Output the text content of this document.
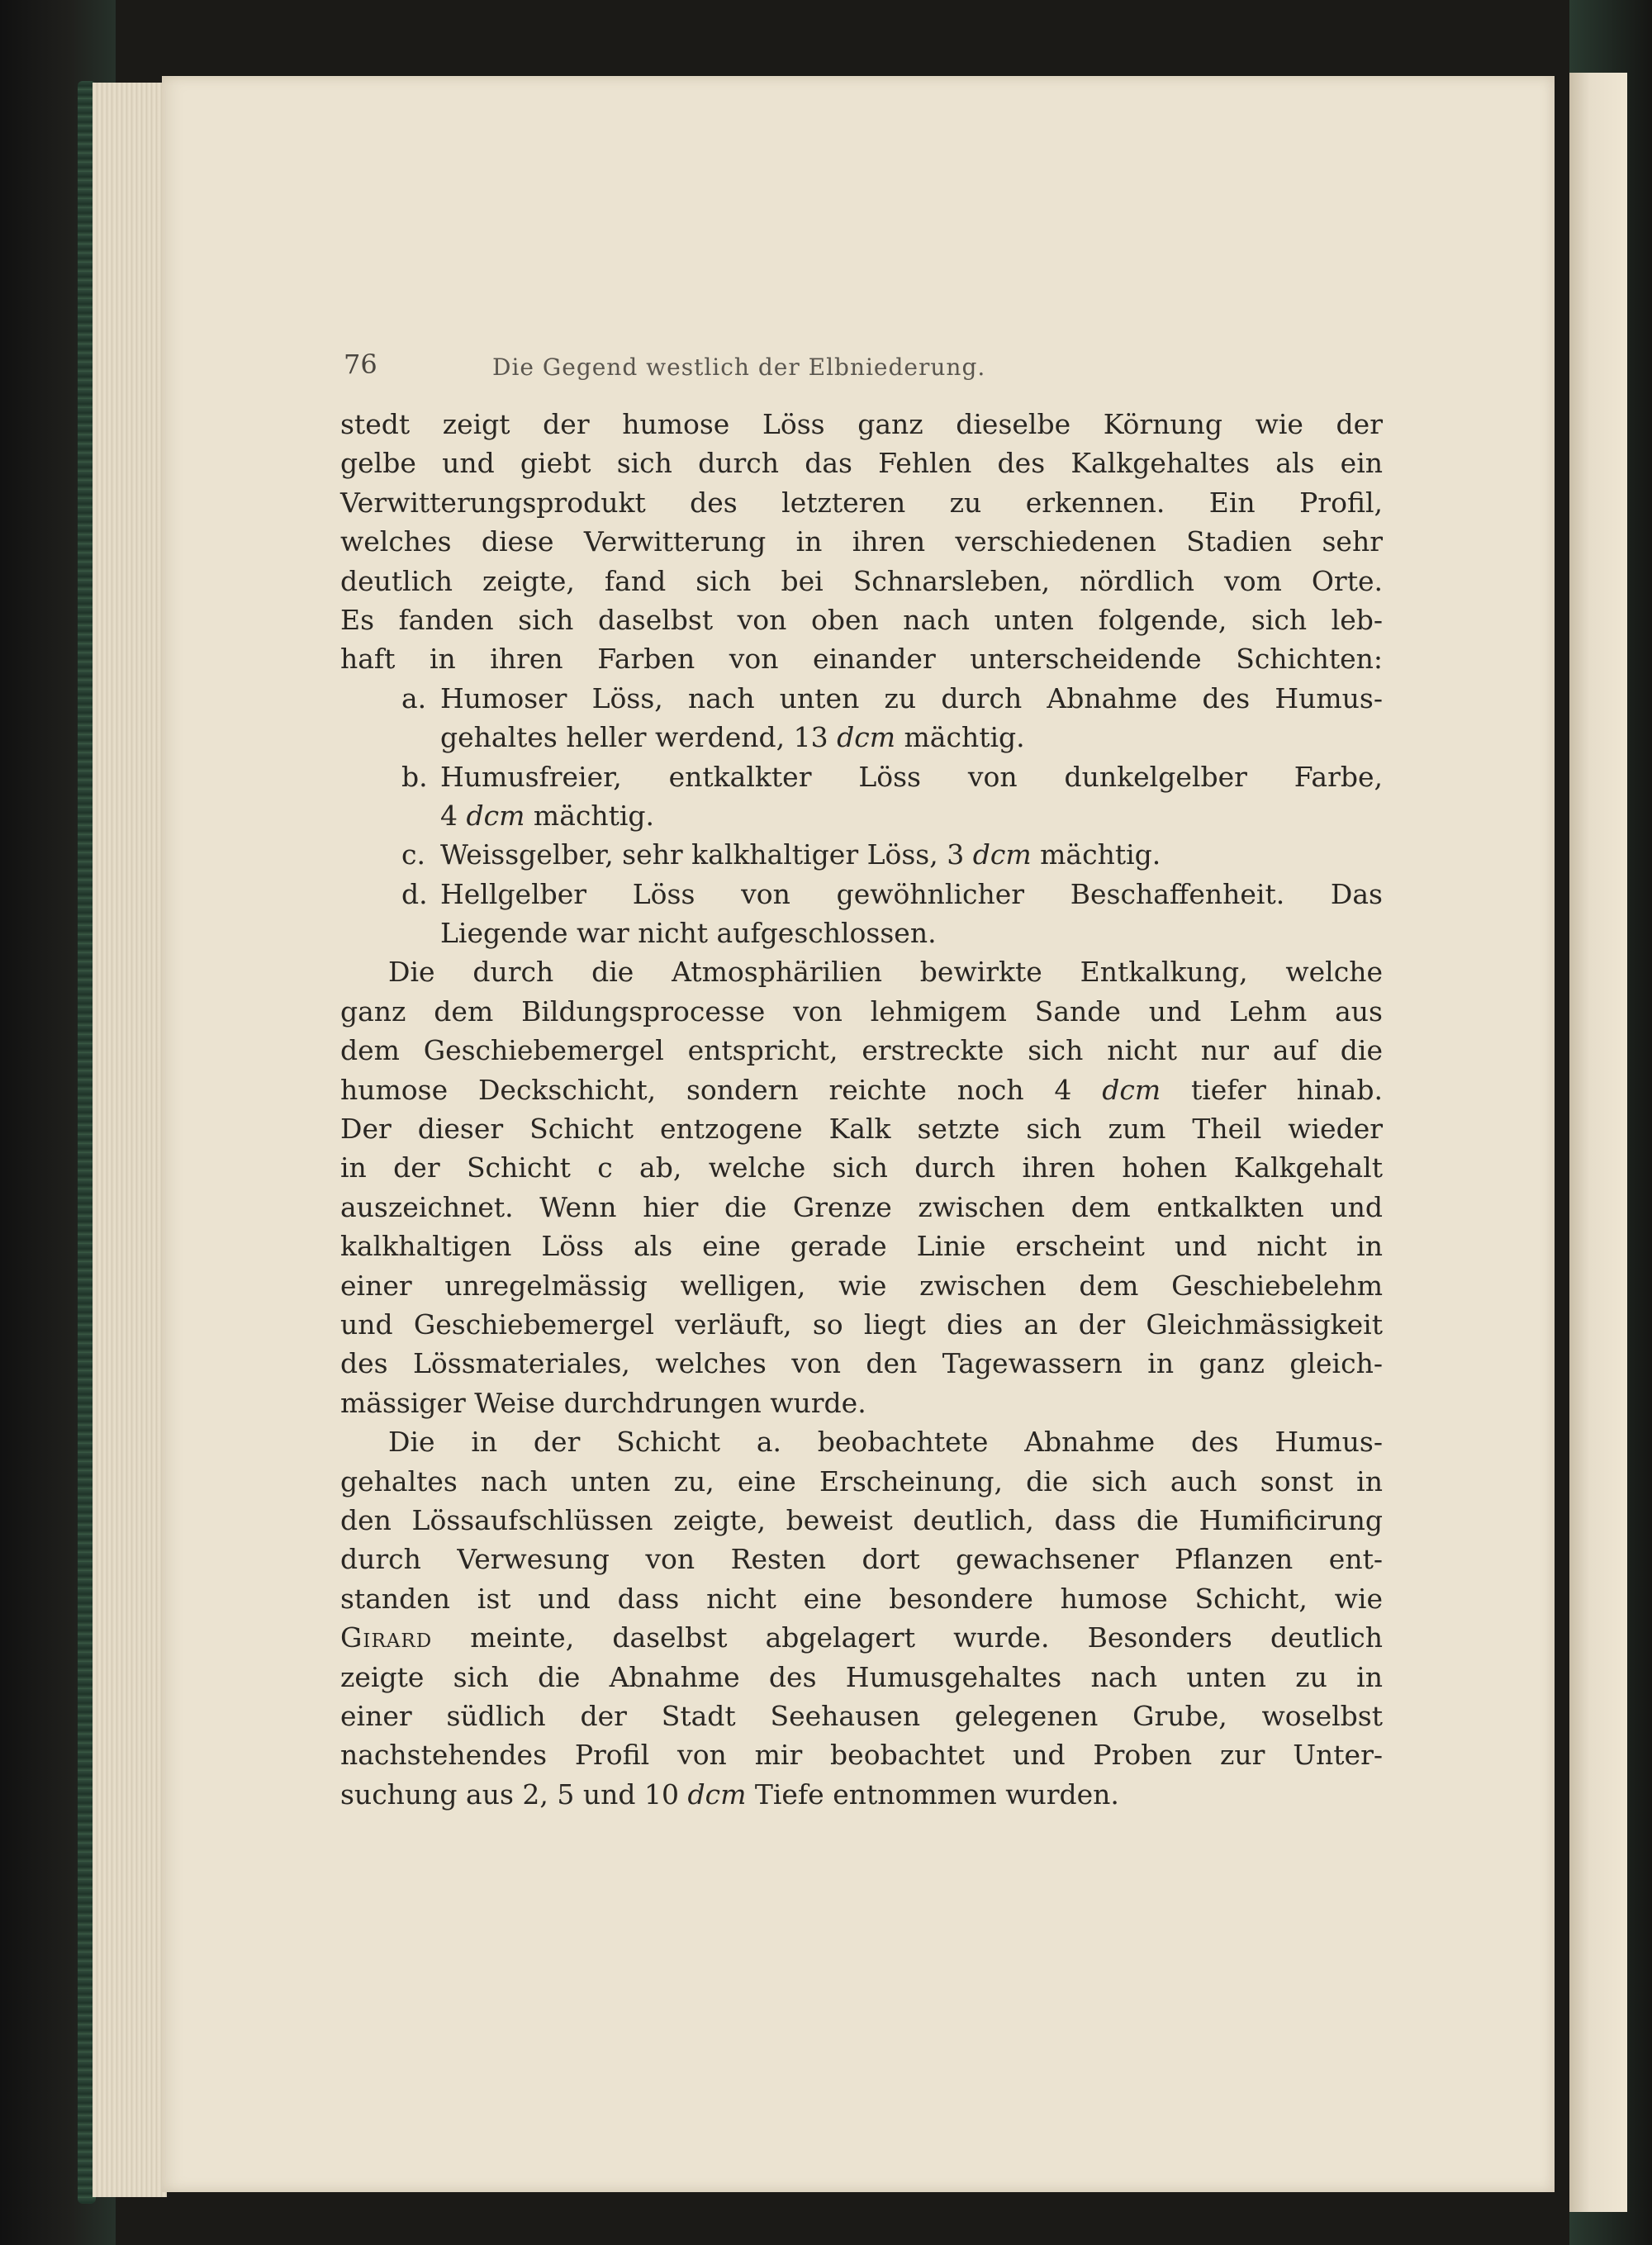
76	Die Gegend westlich der Elbniederung.
stedt zeigt der humose Löss ganz dieselbe Körnung wie der
gelbe und giebt sich durch das Fehlen des Kalkgehaltes als ein
Verwitterungsprodukt des letzteren zu erkennen. Ein Profil,
welches diese Verwitterung in ihren verschiedenen Stadien sehr
deutlich zeigte, fand sich bei Schnarsleben, nördlich vom Orte.
Es fanden sich daselbst von oben nach unten folgende, sich leb-
haft in ihren Farben von einander unterscheidende Schichten:
a. Humoser Löss, nach unten zu durch Abnahme des Humus-
gehaltes heller werdend, 13 dcm mächtig.
b. Humusfreier, entkalkter Löss von dunkelgelber Farbe,
4 dcm mächtig.
c. Weissgelber, sehr kalkhaltiger Löss, 3 dcm mächtig.
d. Hellgelber Löss von gewöhnlicher Beschaffenheit. Das
Liegende war nicht aufgeschlossen.
Die durch die Atmosphärilien bewirkte Entkalkung, welche
ganz dem Bildungsprocesse von lehmigem Sande und Lehm aus
dem Geschiebemergel entspricht, erstreckte sich nicht nur auf die
humose Deckschicht, sondern reichte noch 4 dcm tiefer hinab.
Der dieser Schicht entzogene Kalk setzte sich zum Theil wieder
in der Schicht c ab, welche sich durch ihren hohen Kalkgehalt
auszeichnet. Wenn hier die Grenze zwischen dem entkalkten und
kalkhaltigen Löss als eine gerade Linie erscheint und nicht in
einer unregelmässig welligen, wie zwischen dem Geschiebelehm
und Geschiebemergel verläuft, so liegt dies an der Gleichmässigkeit
des Lössmateriales, welches von den Tagewassern in ganz gleich-
mässiger Weise durchdrungen wurde.
Die in der Schicht a. beobachtete Abnahme des Humus-
gehaltes nach unten zu, eine Erscheinung, die sich auch sonst in
den Lössaufschlüssen zeigte, beweist deutlich, dass die Humificirung
durch Verwesung von Resten dort gewachsener Pflanzen ent-
standen ist und dass nicht eine besondere humose Schicht, wie
Girard meinte, daselbst abgelagert wurde. Besonders deutlich
zeigte sich die Abnahme des Humusgehaltes nach unten zu in
einer südlich der Stadt Seehausen gelegenen Grube, woselbst
nachstehendes Profil von mir beobachtet und Proben zur Unter-
suchung aus 2, 5 und 10 dcm Tiefe entnommen wurden.
